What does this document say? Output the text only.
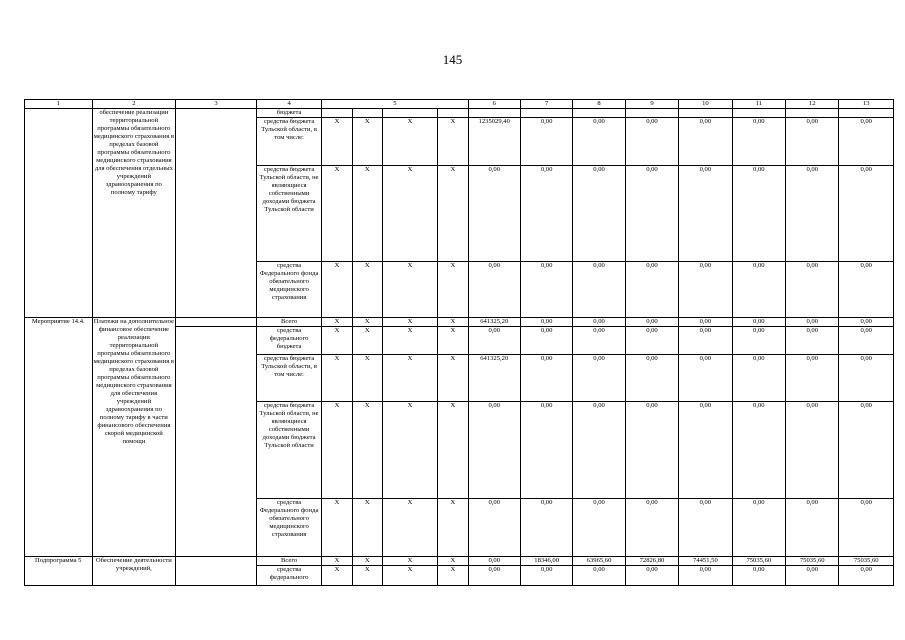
145
1	2	3	4	5				6	7	8	9	10	11	12	13
	обеспечение реализации территориальной программы обязательного медицинского страхования в пределах базовой программы обязательного медицинского страхования для обеспечения отдельных учреждений здравоохранения по полному тарифу		бюджета												
			средства бюджета Тульской области, в том числе:	X	X	X	X	1235029,40	0,00	0,00	0,00	0,00	0,00	0,00	0,00
			средства бюджета Тульской области, не являющиеся собственными доходами бюджета Тульской области	X	X	X	X	0,00	0,00	0,00	0,00	0,00	0,00	0,00	0,00
			средства Федерального фонда обязательного медицинского страхования	X	X	X	X	0,00	0,00	0,00	0,00	0,00	0,00	0,00	0,00
Мероприятие 14.4.	Платежи на дополнительное финансовое обеспечение реализации территориальной программы обязательного медицинского страхования в пределах базовой программы обязательного медицинского страхования для обеспечения учреждений здравоохранения по полному тарифу в части финансового обеспечения скорой медицинской помощи		Всего	X	X	X	X	641325,20	0,00	0,00	0,00	0,00	0,00	0,00	0,00
			средства федерального бюджета	X	X	X	X	0,00	0,00	0,00	0,00	0,00	0,00	0,00	0,00
			средства бюджета Тульской области, в том числе:	X	X	X	X	641325,20	0,00	0,00	0,00	0,00	0,00	0,00	0,00
			средства бюджета Тульской области, не являющиеся собственными доходами бюджета Тульской области	X	X	X	X	0,00	0,00	0,00	0,00	0,00	0,00	0,00	0,00
			средства Федерального фонда обязательного медицинского страхования	X	X	X	X	0,00	0,00	0,00	0,00	0,00	0,00	0,00	0,00
Подпрограмма 5	Обеспечение деятельности учреждений,		Всего	X	X	X	X	0,00	18346,00	63965,60	72826,80	74451,50	75035,60	75035,60	75035,60
			средства федерального	X	X	X	X	0,00	0,00	0,00	0,00	0,00	0,00	0,00	0,00
